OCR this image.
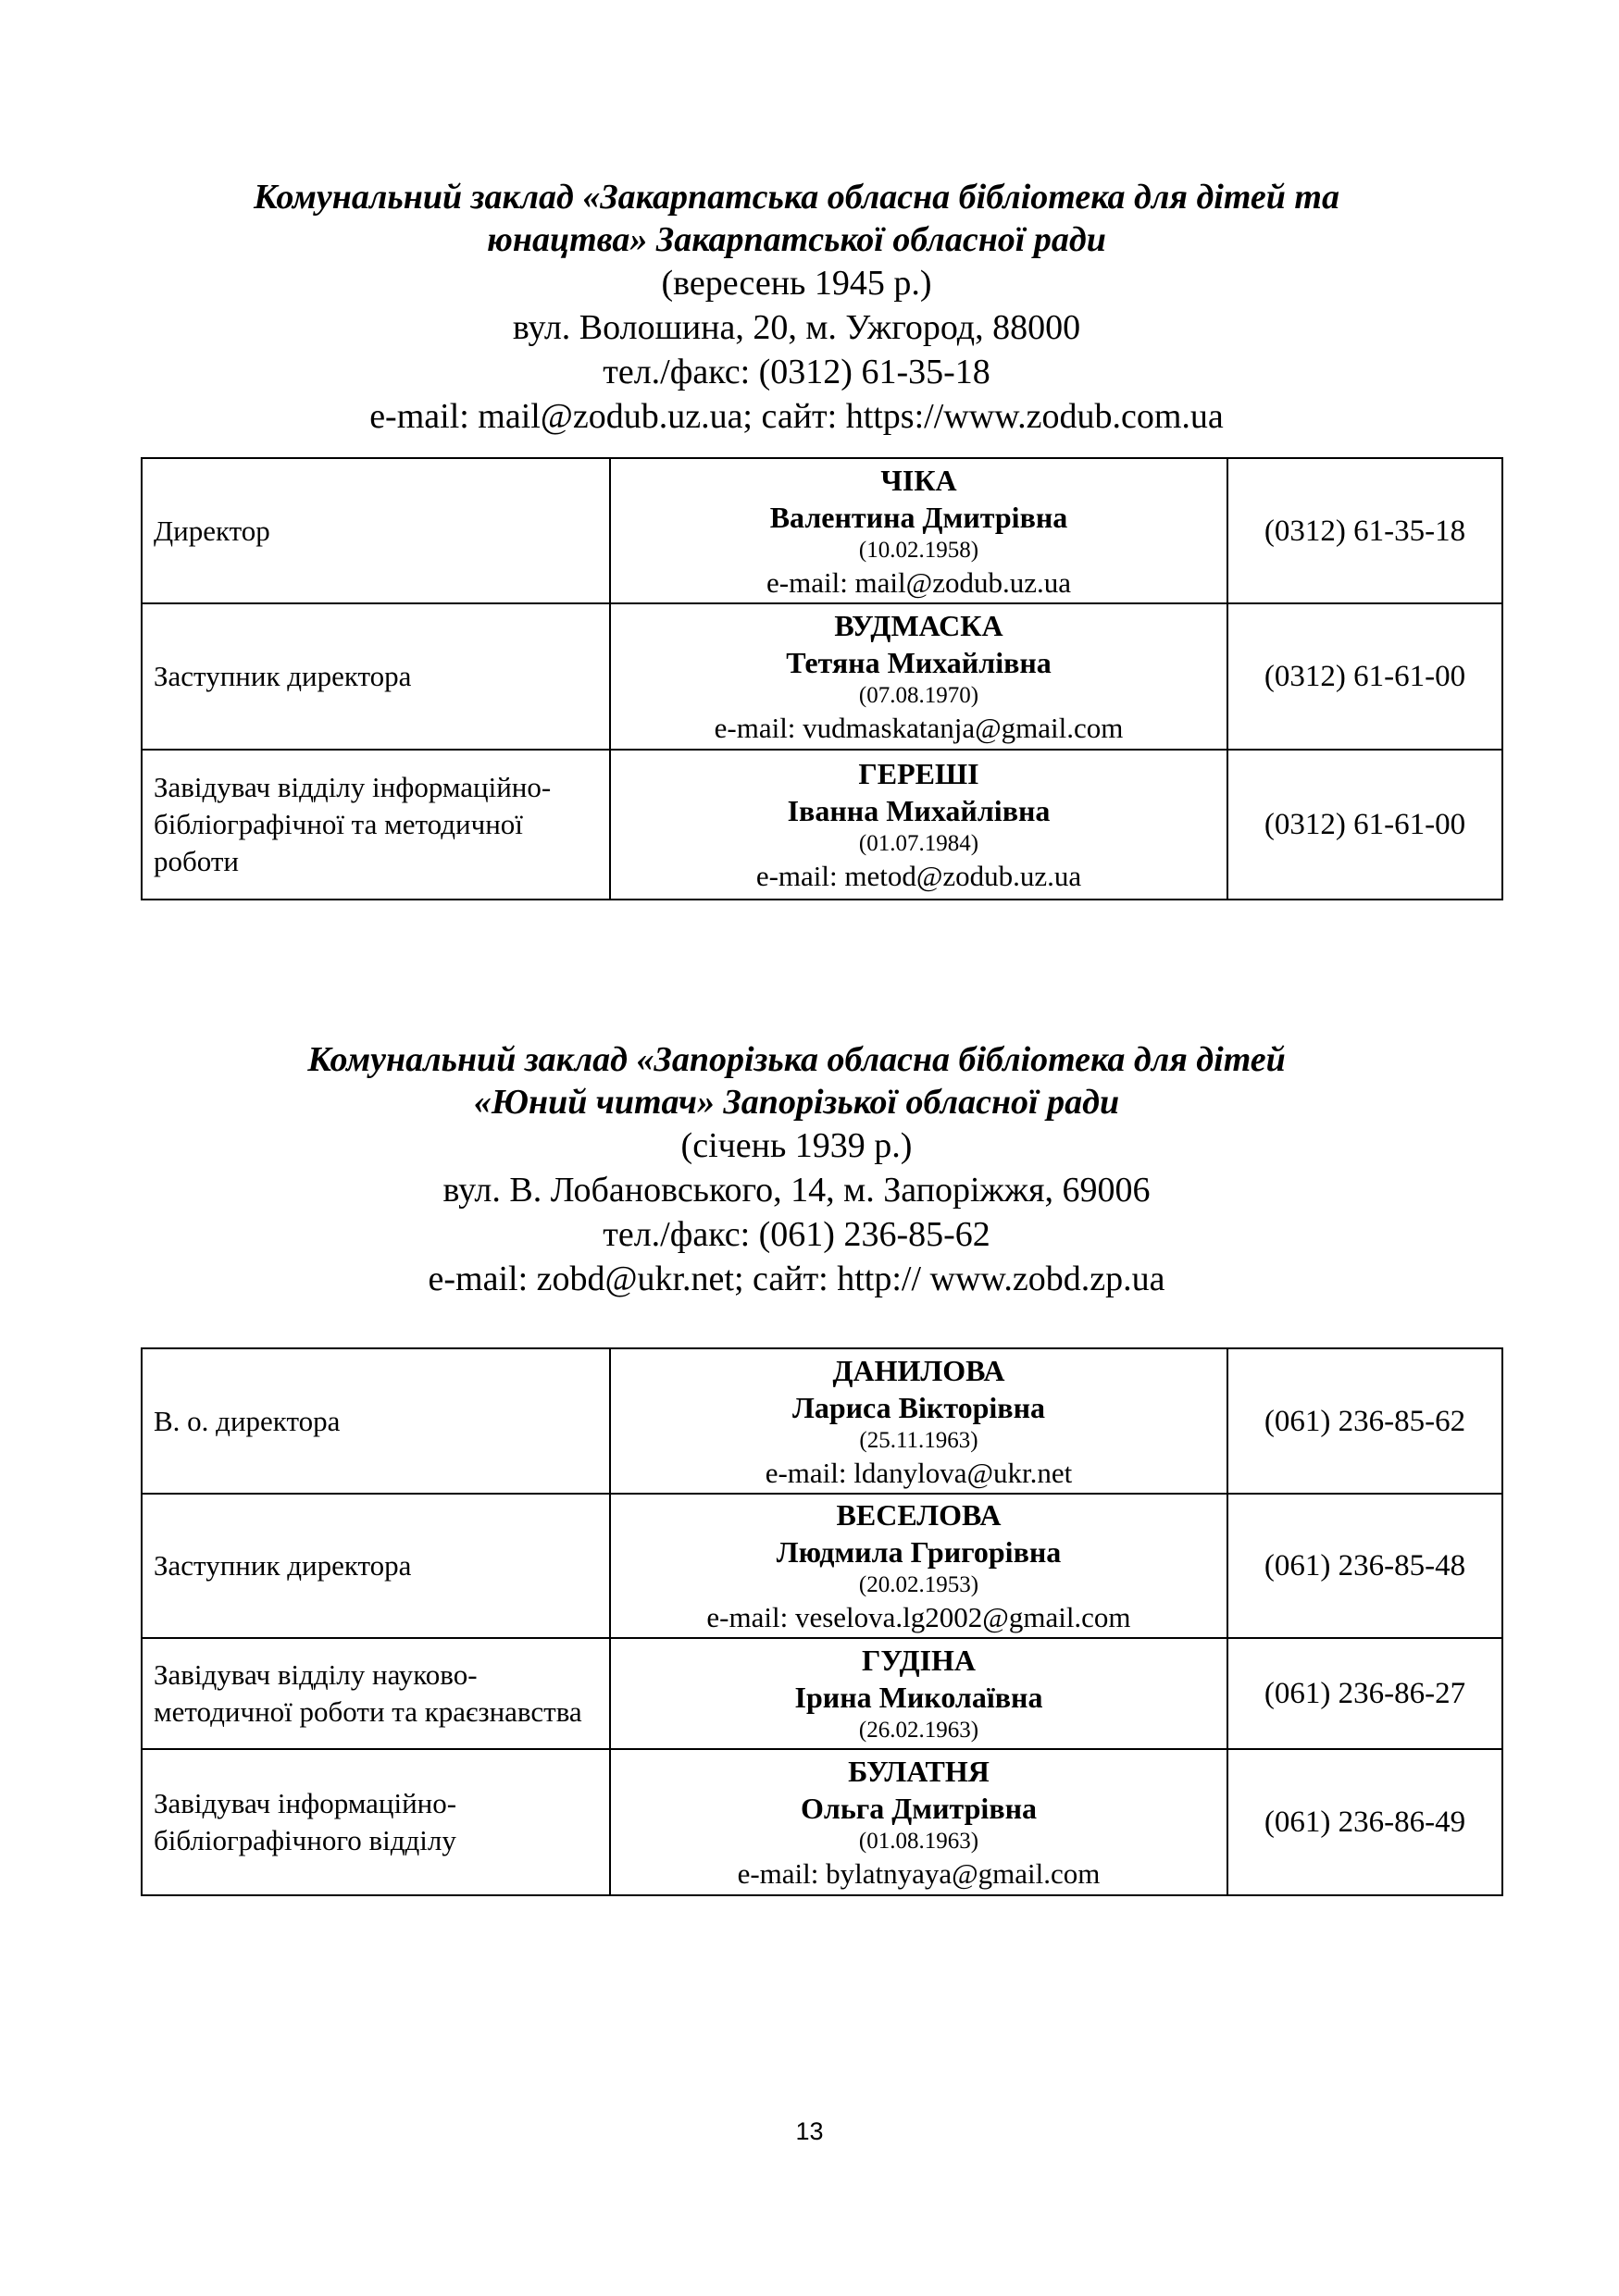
Комунальний заклад «Закарпатська обласна бібліотека для дітей та
юнацтва» Закарпатської обласної ради
(вересень 1945 р.)
вул. Волошина, 20, м. Ужгород, 88000
тел./факс: (0312) 61-35-18
e-mail: mail@zodub.uz.ua; сайт: https://www.zodub.com.ua
Директор	ЧІКА
Валентина Дмитрівна
(10.02.1958)
e-mail: mail@zodub.uz.ua	(0312) 61-35-18
Заступник директора	ВУДМАСКА
Тетяна Михайлівна
(07.08.1970)
e-mail: vudmaskatanja@gmail.com	(0312) 61-61-00
Завідувач відділу інформаційно-бібліографічної та методичної роботи	ГЕРЕШІ
Іванна Михайлівна
(01.07.1984)
e-mail: metod@zodub.uz.ua	(0312) 61-61-00
Комунальний заклад «Запорізька обласна бібліотека для дітей
«Юний читач» Запорізької обласної ради
(січень 1939 р.)
вул. В. Лобановського, 14, м. Запоріжжя, 69006
тел./факс: (061) 236-85-62
e-mail: zobd@ukr.net; сайт: http:// www.zobd.zp.ua
В. о. директора	ДАНИЛОВА
Лариса Вікторівна
(25.11.1963)
e-mail: ldanylova@ukr.net	(061) 236-85-62
Заступник директора	ВЕСЕЛОВА
Людмила Григорівна
(20.02.1953)
e-mail: veselova.lg2002@gmail.com	(061) 236-85-48
Завідувач відділу науково-методичної роботи та краєзнавства	ГУДІНА
Ірина Миколаївна
(26.02.1963)	(061) 236-86-27
Завідувач інформаційно-бібліографічного відділу	БУЛАТНЯ
Ольга Дмитрівна
(01.08.1963)
e-mail: bylatnyaya@gmail.com	(061) 236-86-49
13
